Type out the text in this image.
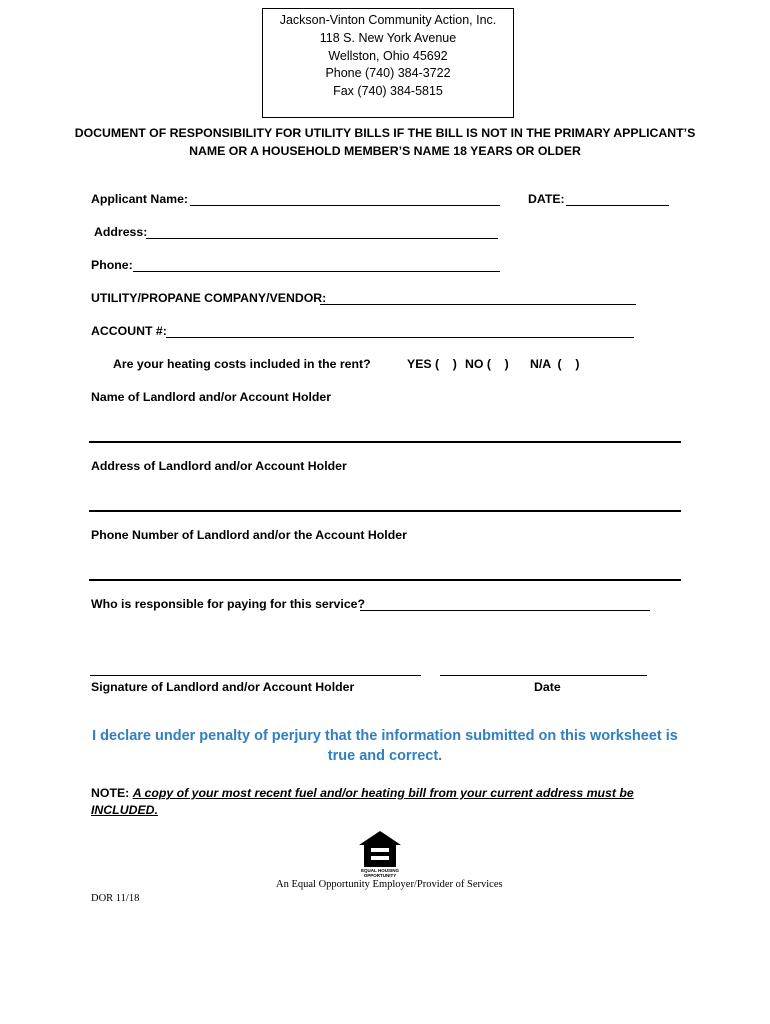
Jackson-Vinton Community Action, Inc.
118 S. New York Avenue
Wellston, Ohio 45692
Phone (740) 384-3722
Fax (740) 384-5815
DOCUMENT OF RESPONSIBILITY FOR UTILITY BILLS IF THE BILL IS NOT IN THE PRIMARY APPLICANT’S
NAME OR A HOUSEHOLD MEMBER’S NAME 18 YEARS OR OLDER
Applicant Name:	DATE:
Address:
Phone:
UTILITY/PROPANE COMPANY/VENDOR:
ACCOUNT #:
Are your heating costs included in the rent?	YES (    ) NO (    ) N/A  (    )
Name of Landlord and/or Account Holder
Address of Landlord and/or Account Holder
Phone Number of Landlord and/or the Account Holder
Who is responsible for paying for this service?
Signature of Landlord and/or Account Holder	Date
I declare under penalty of perjury that the information submitted on this worksheet is
true and correct.
NOTE: A copy of your most recent fuel and/or heating bill from your current address must be INCLUDED.
EQUAL HOUSING OPPORTUNITY
An Equal Opportunity Employer/Provider of Services
DOR 11/18
